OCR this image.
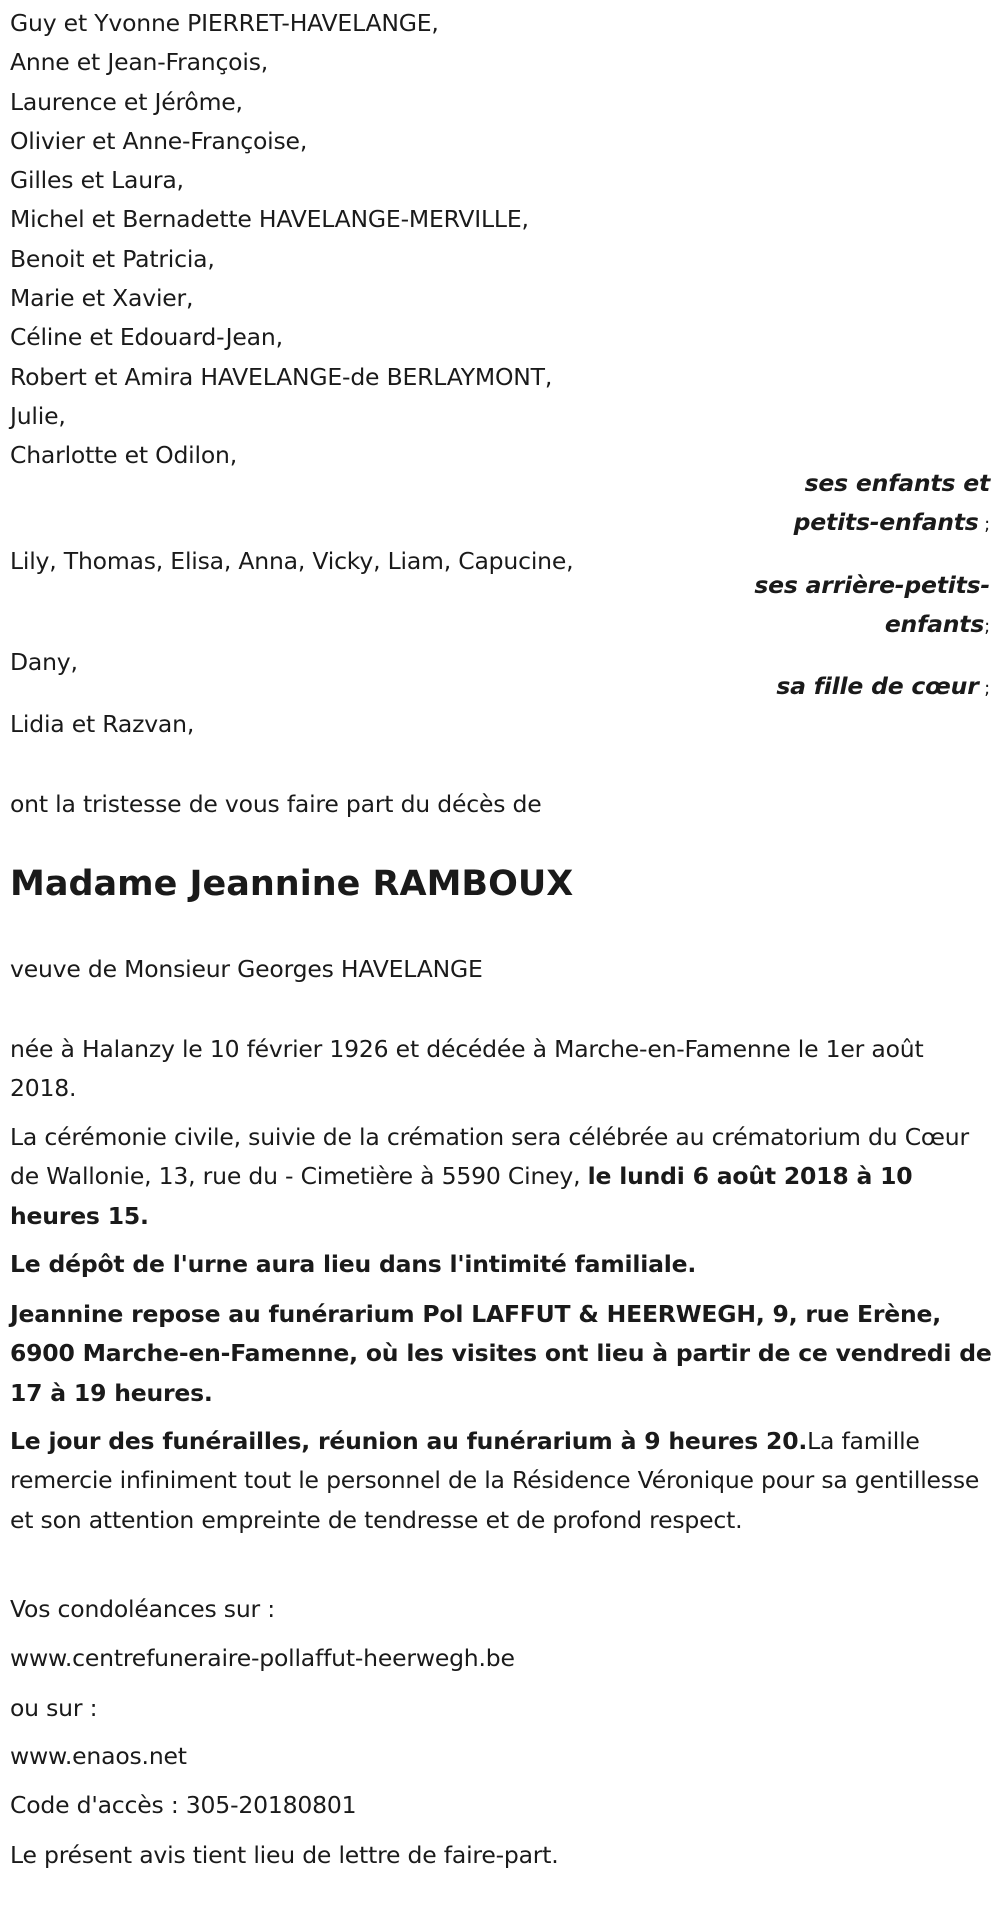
Guy et Yvonne PIERRET-HAVELANGE,
Anne et Jean-François,
Laurence et Jérôme,
Olivier et Anne-Françoise,
Gilles et Laura,
Michel et Bernadette HAVELANGE-MERVILLE,
Benoit et Patricia,
Marie et Xavier,
Céline et Edouard-Jean,
Robert et Amira HAVELANGE-de BERLAYMONT,
Julie,
Charlotte et Odilon,
ses enfants et
petits-enfants ;
Lily, Thomas, Elisa, Anna, Vicky, Liam, Capucine,
ses arrière-petits-
enfants;
Dany,
sa fille de cœur ;
Lidia et Razvan,
ont la tristesse de vous faire part du décès de
Madame Jeannine RAMBOUX
veuve de Monsieur Georges HAVELANGE
née à Halanzy le 10 février 1926 et décédée à Marche-en-Famenne le 1er août 2018.
La cérémonie civile, suivie de la crémation sera célébrée au crématorium du Cœur de Wallonie, 13, rue du - Cimetière à 5590 Ciney, le lundi 6 août 2018 à 10 heures 15.
Le dépôt de l'urne aura lieu dans l'intimité familiale.
Jeannine repose au funérarium Pol LAFFUT & HEERWEGH, 9, rue Erène, 6900 Marche-en-Famenne, où les visites ont lieu à partir de ce vendredi de 17 à 19 heures.
Le jour des funérailles, réunion au funérarium à 9 heures 20.La famille remercie infiniment tout le personnel de la Résidence Véronique pour sa gentillesse et son attention empreinte de tendresse et de profond respect.
Vos condoléances sur :
www.centrefuneraire-pollaffut-heerwegh.be
ou sur :
www.enaos.net
Code d'accès : 305-20180801
Le présent avis tient lieu de lettre de faire-part.
